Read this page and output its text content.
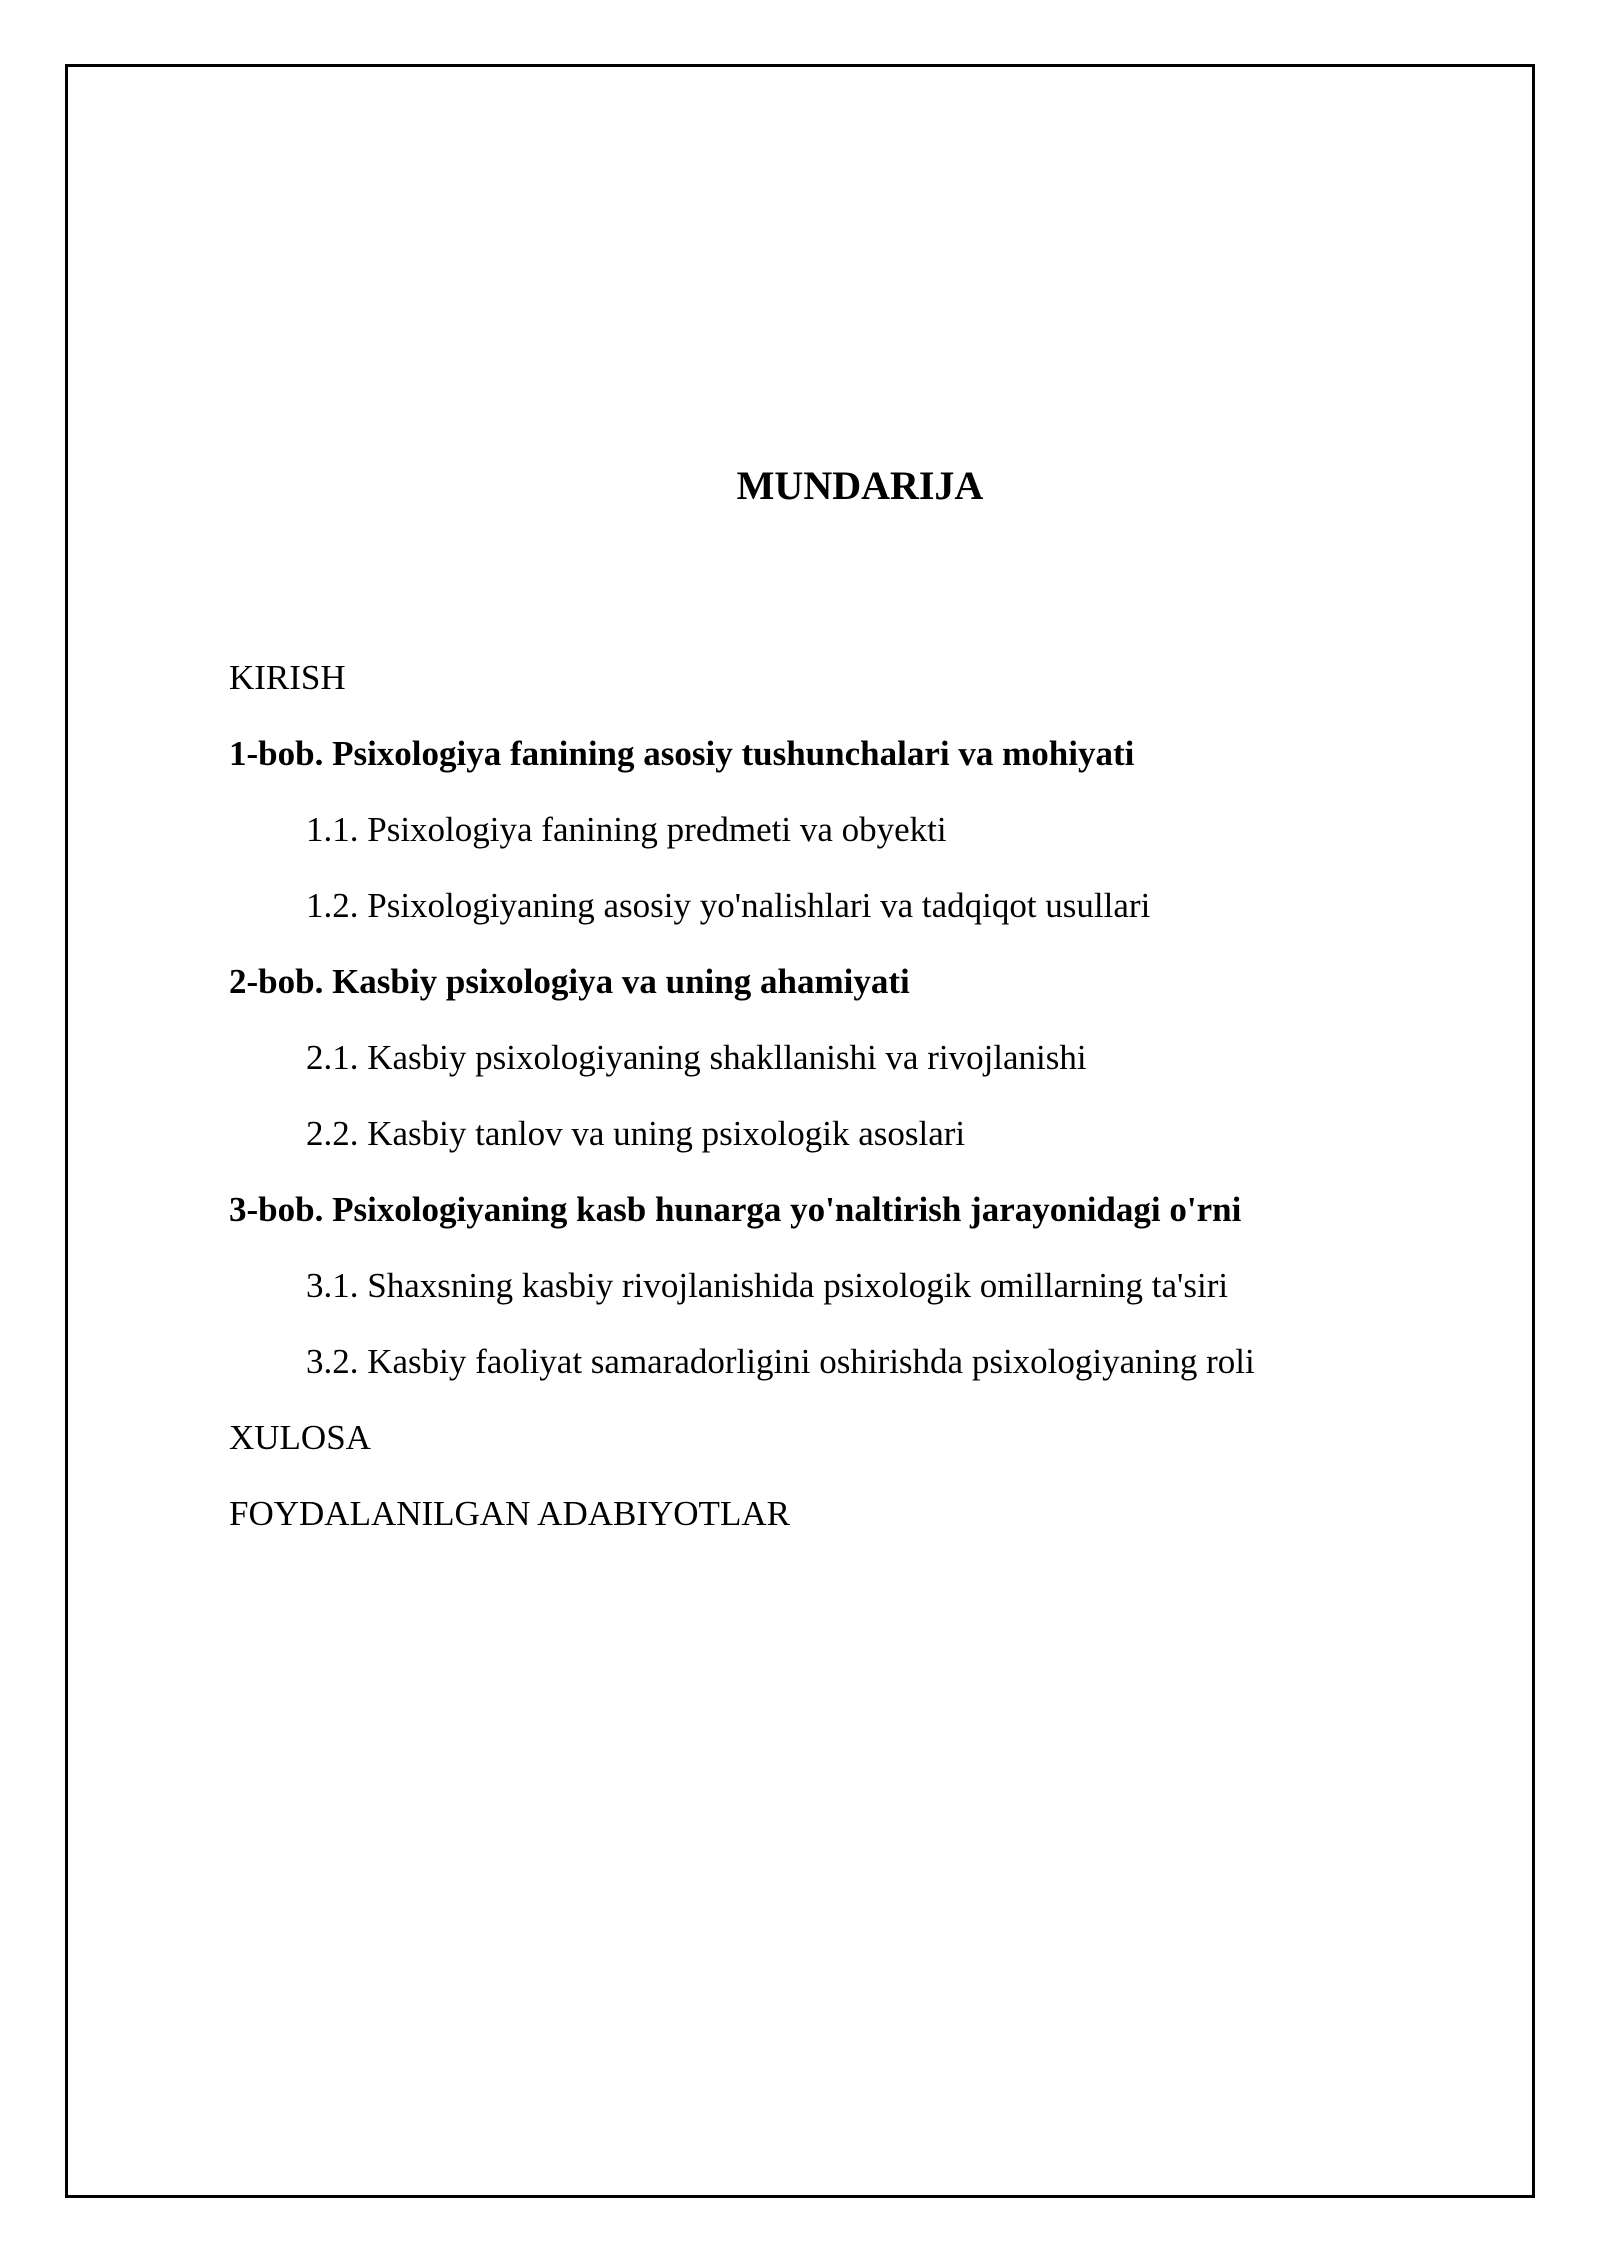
MUNDARIJA
KIRISH
1-bob. Psixologiya fanining asosiy tushunchalari va mohiyati
1.1. Psixologiya fanining predmeti va obyekti
1.2. Psixologiyaning asosiy yo'nalishlari va tadqiqot usullari
2-bob. Kasbiy psixologiya va uning ahamiyati
2.1. Kasbiy psixologiyaning shakllanishi va rivojlanishi
2.2. Kasbiy tanlov va uning psixologik asoslari
3-bob. Psixologiyaning kasb hunarga yo'naltirish jarayonidagi o'rni
3.1. Shaxsning kasbiy rivojlanishida psixologik omillarning ta'siri
3.2. Kasbiy faoliyat samaradorligini oshirishda psixologiyaning roli
XULOSA
FOYDALANILGAN ADABIYOTLAR
